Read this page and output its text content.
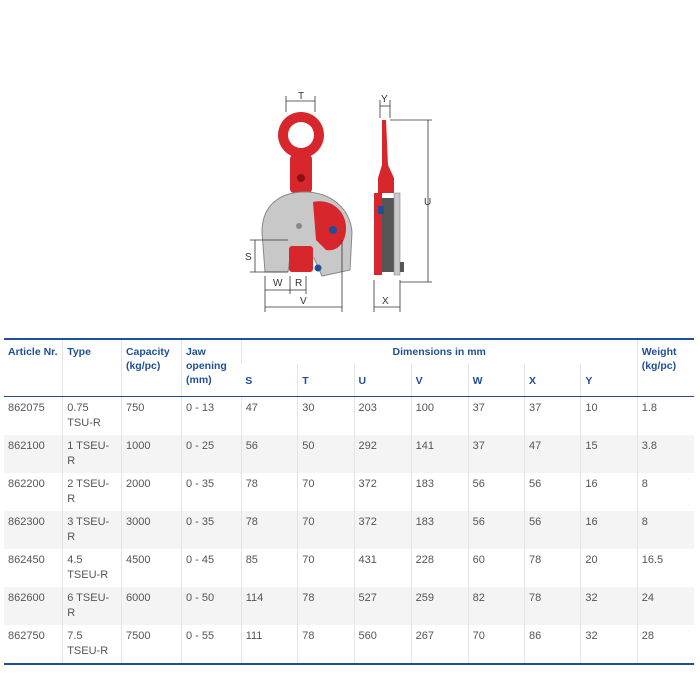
T
S
W R
V
Y
U
X
Article Nr.	Type	Capacity (kg/pc)	Jaw opening (mm)	Dimensions in mm							Weight (kg/pc)
				S	T	U	V	W	X	Y	
862075	0.75 TSU-R	750	0 - 13	47	30	203	100	37	37	10	1.8
862100	1 TSEU-R	1000	0 - 25	56	50	292	141	37	47	15	3.8
862200	2 TSEU-R	2000	0 - 35	78	70	372	183	56	56	16	8
862300	3 TSEU-R	3000	0 - 35	78	70	372	183	56	56	16	8
862450	4.5 TSEU-R	4500	0 - 45	85	70	431	228	60	78	20	16.5
862600	6 TSEU-R	6000	0 - 50	114	78	527	259	82	78	32	24
862750	7.5 TSEU-R	7500	0 - 55	111	78	560	267	70	86	32	28
